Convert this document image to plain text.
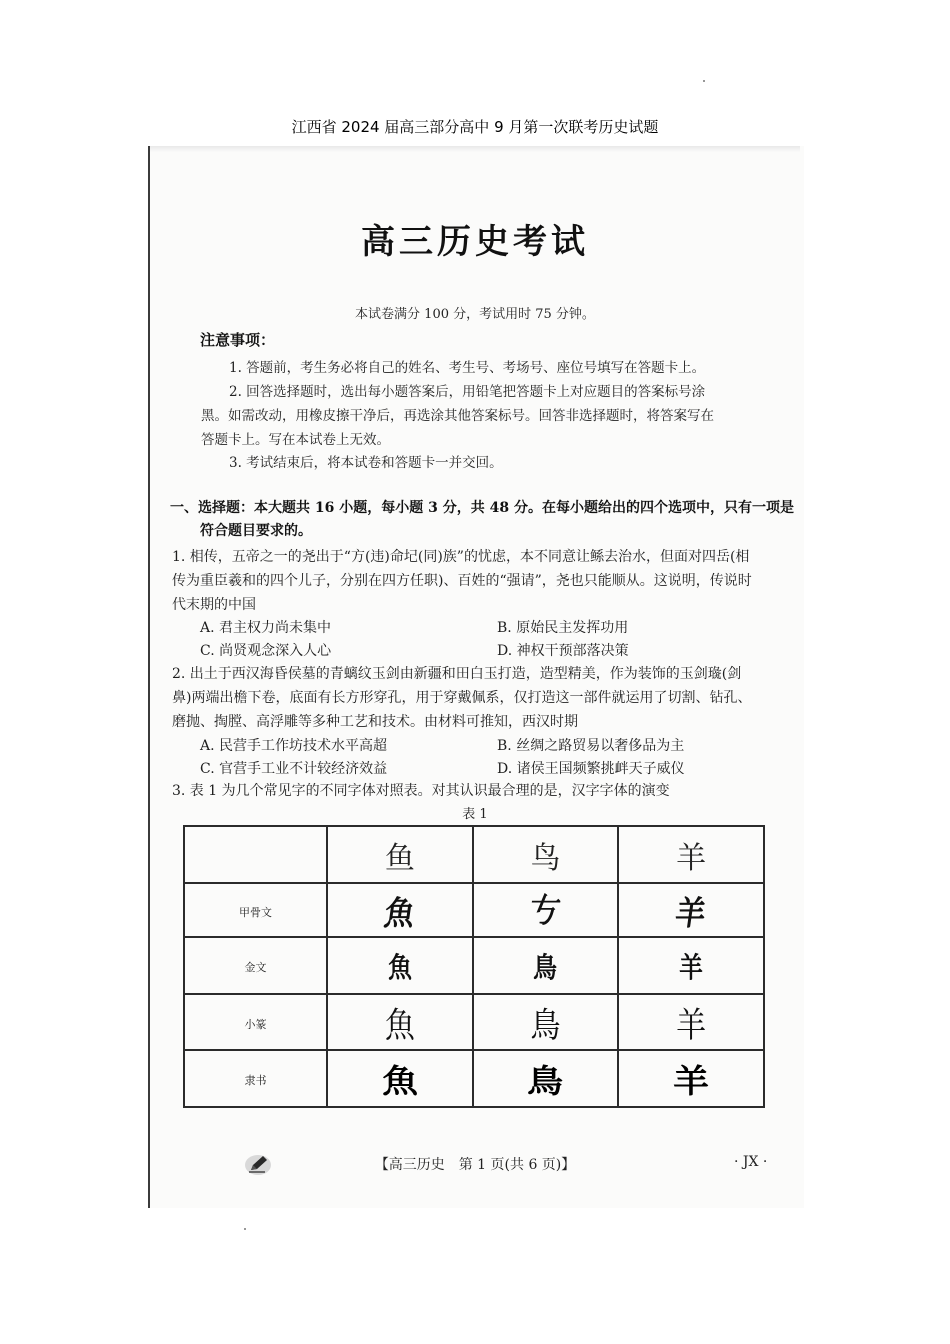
江西省 2024 届高三部分高中 9 月第一次联考历史试题
高三历史考试
本试卷满分 100 分，考试用时 75 分钟。
注意事项：
1. 答题前，考生务必将自己的姓名、考生号、考场号、座位号填写在答题卡上。
2. 回答选择题时，选出每小题答案后，用铅笔把答题卡上对应题目的答案标号涂
黑。如需改动，用橡皮擦干净后，再选涂其他答案标号。回答非选择题时，将答案写在
答题卡上。写在本试卷上无效。
3. 考试结束后，将本试卷和答题卡一并交回。
一、选择题：本大题共 16 小题，每小题 3 分，共 48 分。在每小题给出的四个选项中，只有一项是
符合题目要求的。
1. 相传，五帝之一的尧出于“方(违)命圮(同)族”的忧虑，本不同意让鲧去治水，但面对四岳(相
传为重臣羲和的四个儿子，分别在四方任职)、百姓的“强请”，尧也只能顺从。这说明，传说时
代末期的中国
A. 君主权力尚未集中	B. 原始民主发挥功用
C. 尚贤观念深入人心	D. 神权干预部落决策
2. 出土于西汉海昏侯墓的青螭纹玉剑由新疆和田白玉打造，造型精美，作为装饰的玉剑璏(剑
鼻)两端出檐下卷，底面有长方形穿孔，用于穿戴佩系，仅打造这一部件就运用了切割、钻孔、
磨抛、掏膛、高浮雕等多种工艺和技术。由材料可推知，西汉时期
A. 民营手工作坊技术水平高超	B. 丝绸之路贸易以奢侈品为主
C. 官营手工业不计较经济效益	D. 诸侯王国频繁挑衅天子威仪
3. 表 1 为几个常见字的不同字体对照表。对其认识最合理的是，汉字字体的演变
表 1
	鱼	鸟	羊
甲骨文	魚	𠀁	羊
金文	魚	鳥	羊
小篆	魚	鳥	羊
隶书	魚	鳥	羊
【高三历史　第 1 页(共 6 页)】	· JX ·
